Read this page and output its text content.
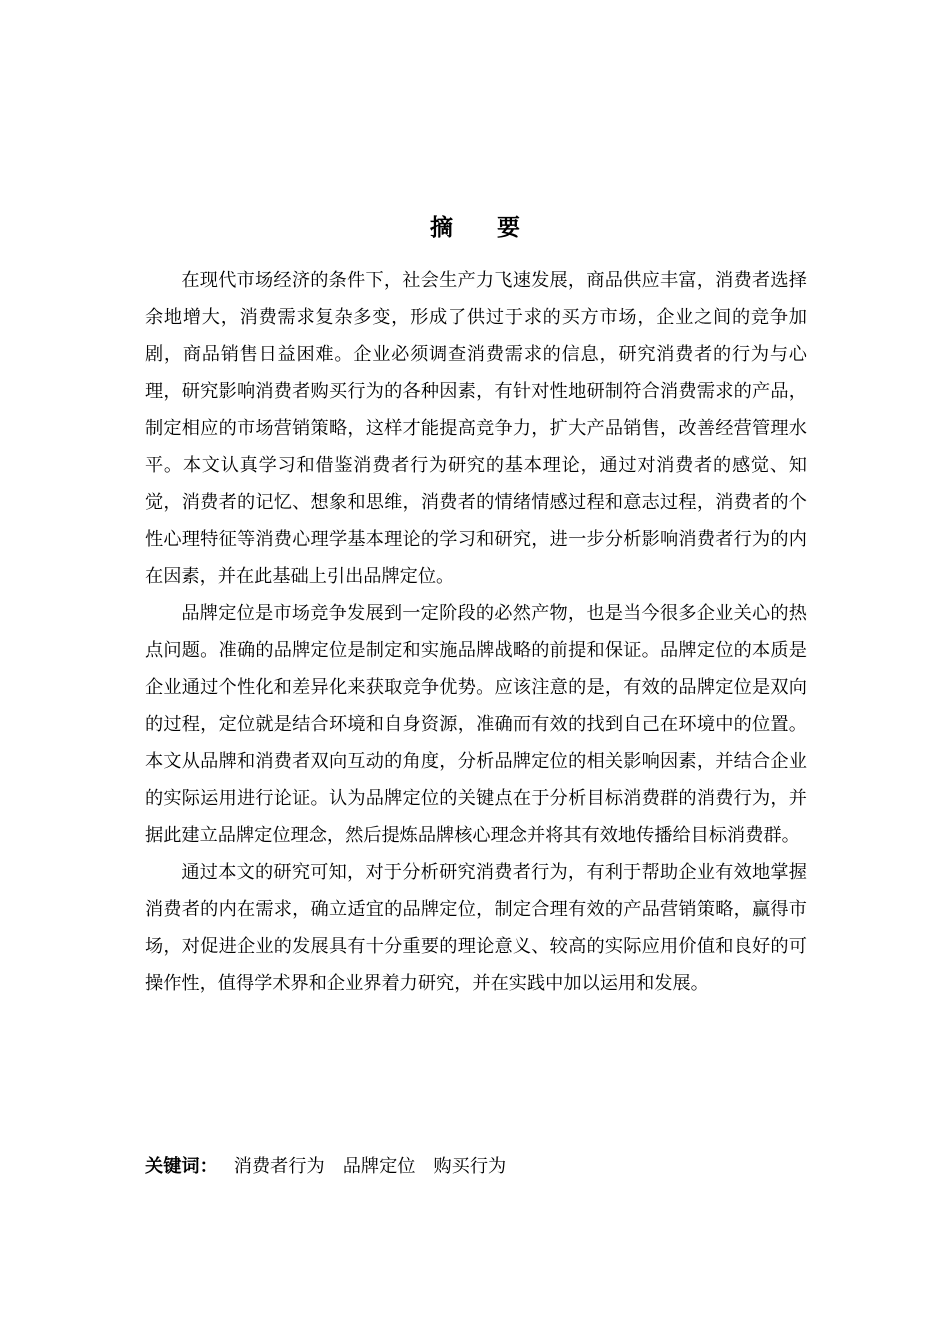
摘 要

在现代市场经济的条件下，社会生产力飞速发展，商品供应丰富，消费者选择余地增大，消费需求复杂多变，形成了供过于求的买方市场，企业之间的竞争加剧，商品销售日益困难。企业必须调查消费需求的信息，研究消费者的行为与心理，研究影响消费者购买行为的各种因素，有针对性地研制符合消费需求的产品，制定相应的市场营销策略，这样才能提高竞争力，扩大产品销售，改善经营管理水平。本文认真学习和借鉴消费者行为研究的基本理论，通过对消费者的感觉、知觉，消费者的记忆、想象和思维，消费者的情绪情感过程和意志过程，消费者的个性心理特征等消费心理学基本理论的学习和研究，进一步分析影响消费者行为的内在因素，并在此基础上引出品牌定位。

品牌定位是市场竞争发展到一定阶段的必然产物，也是当今很多企业关心的热点问题。准确的品牌定位是制定和实施品牌战略的前提和保证。品牌定位的本质是企业通过个性化和差异化来获取竞争优势。应该注意的是，有效的品牌定位是双向的过程，定位就是结合环境和自身资源，准确而有效的找到自己在环境中的位置。本文从品牌和消费者双向互动的角度，分析品牌定位的相关影响因素，并结合企业的实际运用进行论证。认为品牌定位的关键点在于分析目标消费群的消费行为，并据此建立品牌定位理念，然后提炼品牌核心理念并将其有效地传播给目标消费群。

通过本文的研究可知，对于分析研究消费者行为，有利于帮助企业有效地掌握消费者的内在需求，确立适宜的品牌定位，制定合理有效的产品营销策略，赢得市场，对促进企业的发展具有十分重要的理论意义、较高的实际应用价值和良好的可操作性，值得学术界和企业界着力研究，并在实践中加以运用和发展。

关键词： 消费者行为 品牌定位 购买行为
